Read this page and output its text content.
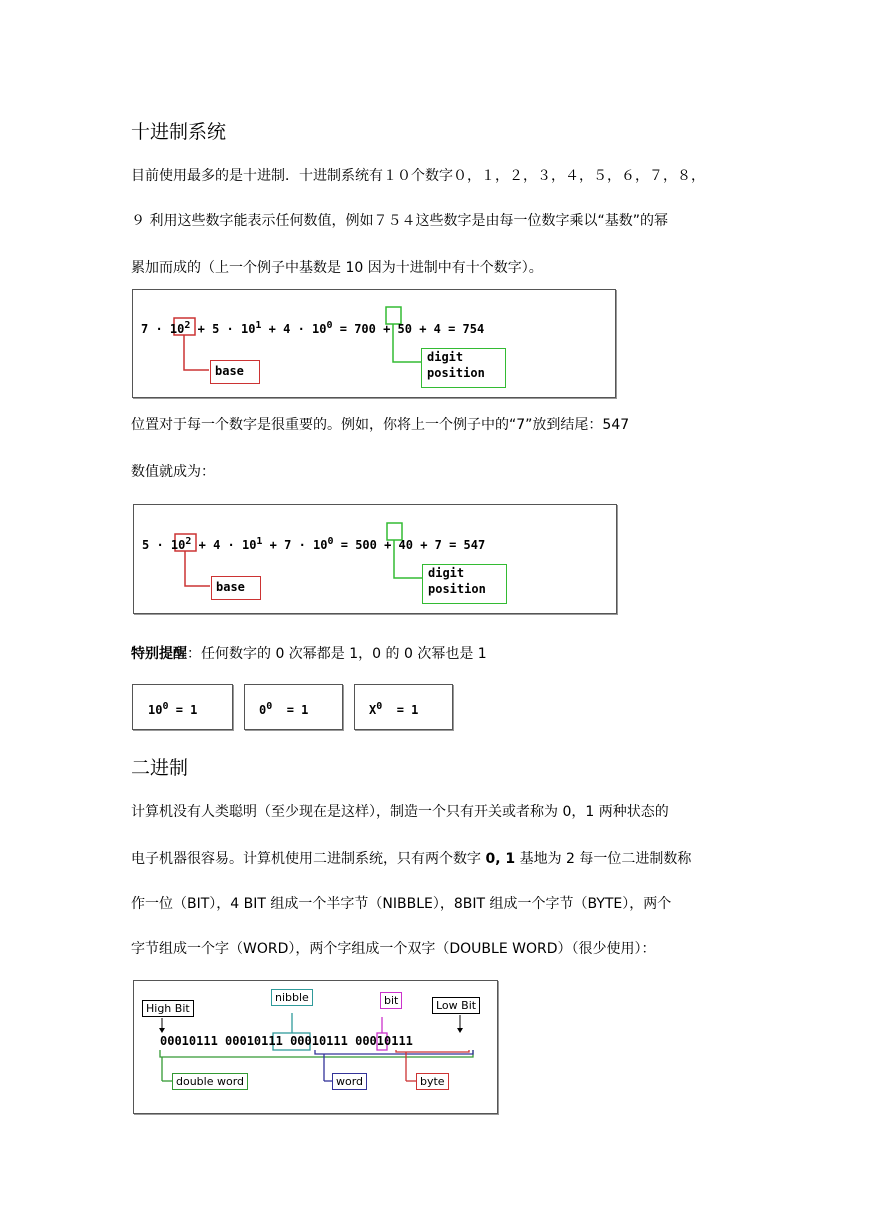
十进制系统
目前使用最多的是十进制．十进制系统有１０个数字０，１，２，３，４，５，６，７，８，
９ 利用这些数字能表示任何数值，例如７５４这些数字是由每一位数字乘以“基数”的幂
累加而成的（上一个例子中基数是 10 因为十进制中有十个数字）。
$7 \cdot 10^2 + 5 \cdot 10^1 + 4 \cdot 10^0 = 700 + 50 + 4 = 754$
base
digit
position
位置对于每一个数字是很重要的。例如，你将上一个例子中的“7”放到结尾：547
数值就成为：
$5 \cdot 10^2 + 4 \cdot 10^1 + 7 \cdot 10^0 = 500 + 40 + 7 = 547$
base
digit
position
特别提醒：任何数字的 0 次幂都是 1，0 的 0 次幂也是 1
$10^0 = 1$	$0^0 = 1$	$X^0 = 1$
二进制
计算机没有人类聪明（至少现在是这样），制造一个只有开关或者称为 0，1 两种状态的
电子机器很容易。计算机使用二进制系统，只有两个数字 0, 1 基地为 2 每一位二进制数称
作一位（BIT），4 BIT 组成一个半字节（NIBBLE），8BIT 组成一个字节（BYTE），两个
字节组成一个字（WORD），两个字组成一个双字（DOUBLE WORD）（很少使用）：
High Bit
nibble	bit	Low Bit
00010111 00010111 00010111 00010111
double word	word	byte
